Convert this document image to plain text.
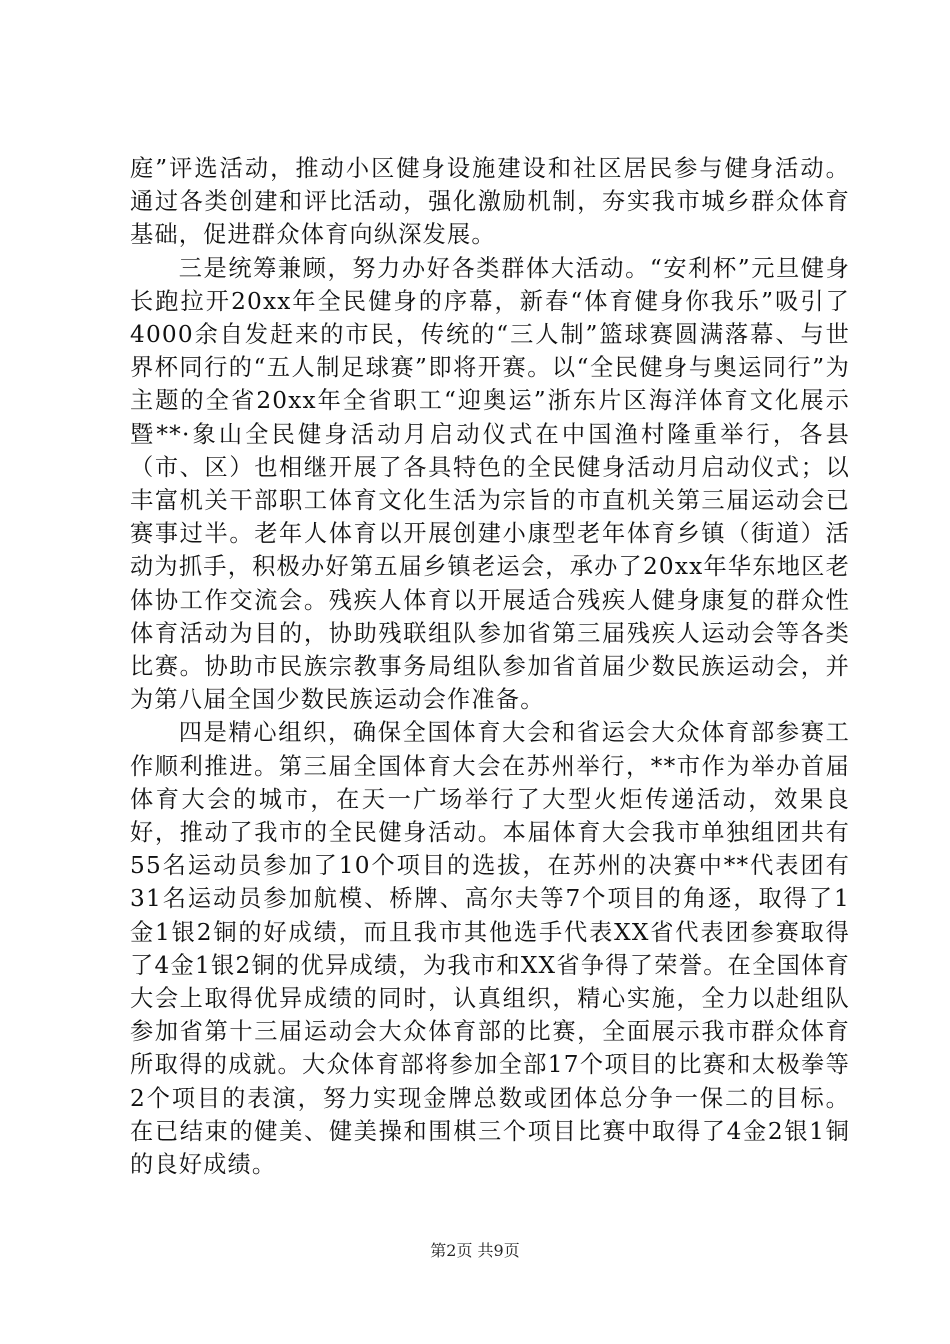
庭”评选活动，推动小区健身设施建设和社区居民参与健身活动。通过各类创建和评比活动，强化激励机制，夯实我市城乡群众体育基础，促进群众体育向纵深发展。

三是统筹兼顾，努力办好各类群体大活动。“安利杯”元旦健身长跑拉开20xx年全民健身的序幕，新春“体育健身你我乐”吸引了4000余自发赶来的市民，传统的“三人制”篮球赛圆满落幕、与世界杯同行的“五人制足球赛”即将开赛。以“全民健身与奥运同行”为主题的全省20xx年全省职工“迎奥运”浙东片区海洋体育文化展示暨**·象山全民健身活动月启动仪式在中国渔村隆重举行，各县（市、区）也相继开展了各具特色的全民健身活动月启动仪式；以丰富机关干部职工体育文化生活为宗旨的市直机关第三届运动会已赛事过半。老年人体育以开展创建小康型老年体育乡镇（街道）活动为抓手，积极办好第五届乡镇老运会，承办了20xx年华东地区老体协工作交流会。残疾人体育以开展适合残疾人健身康复的群众性体育活动为目的，协助残联组队参加省第三届残疾人运动会等各类比赛。协助市民族宗教事务局组队参加省首届少数民族运动会，并为第八届全国少数民族运动会作准备。

四是精心组织，确保全国体育大会和省运会大众体育部参赛工作顺利推进。第三届全国体育大会在苏州举行，**市作为举办首届体育大会的城市，在天一广场举行了大型火炬传递活动，效果良好，推动了我市的全民健身活动。本届体育大会我市单独组团共有55名运动员参加了10个项目的选拔，在苏州的决赛中**代表团有31名运动员参加航模、桥牌、高尔夫等7个项目的角逐，取得了1金1银2铜的好成绩，而且我市其他选手代表XX省代表团参赛取得了4金1银2铜的优异成绩，为我市和XX省争得了荣誉。在全国体育大会上取得优异成绩的同时，认真组织，精心实施，全力以赴组队参加省第十三届运动会大众体育部的比赛，全面展示我市群众体育所取得的成就。大众体育部将参加全部17个项目的比赛和太极拳等2个项目的表演，努力实现金牌总数或团体总分争一保二的目标。在已结束的健美、健美操和围棋三个项目比赛中取得了4金2银1铜的良好成绩。

第2页 共9页
